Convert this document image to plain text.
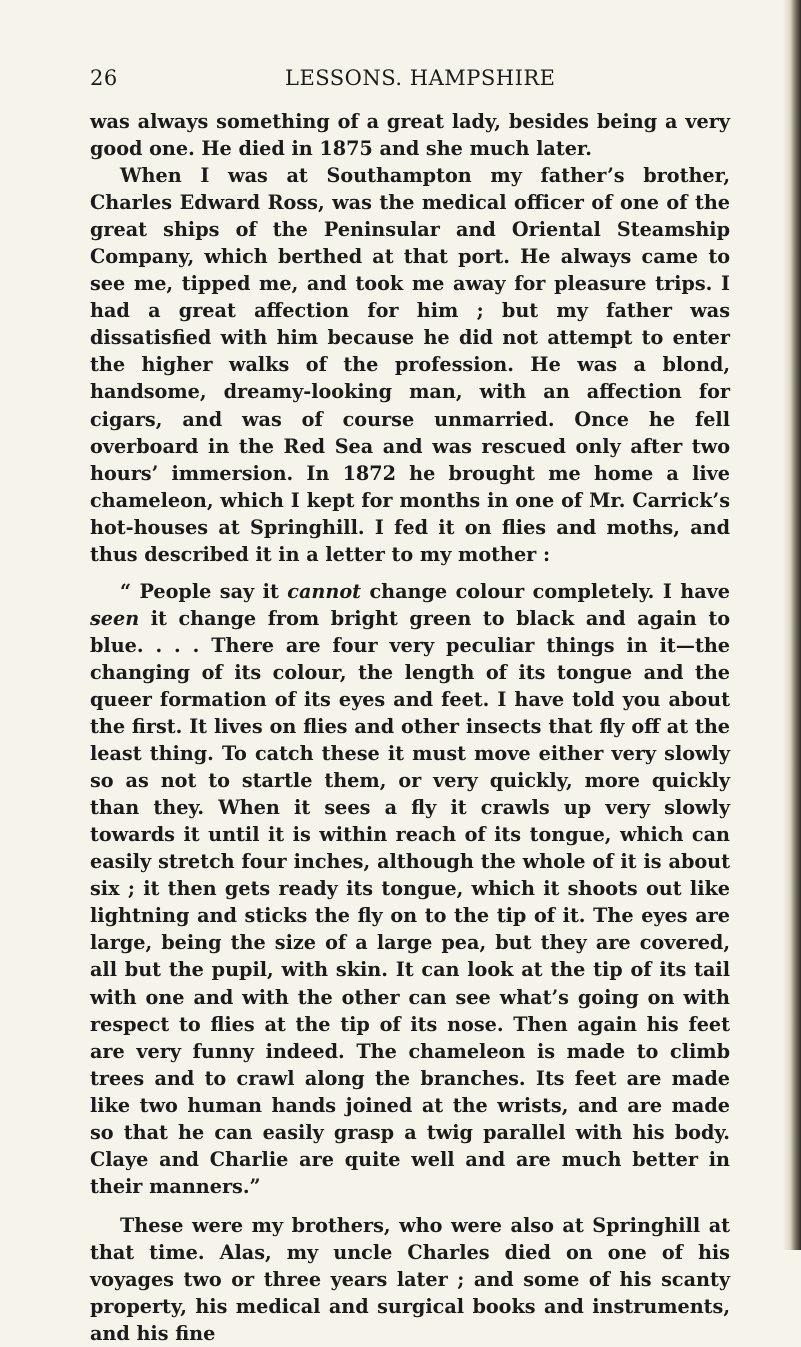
26	LESSONS. HAMPSHIRE

was always something of a great lady, besides being a very good one. He died in 1875 and she much later.

When I was at Southampton my father’s brother, Charles Edward Ross, was the medical officer of one of the great ships of the Peninsular and Oriental Steamship Company, which berthed at that port. He always came to see me, tipped me, and took me away for pleasure trips. I had a great affection for him ; but my father was dissatisfied with him because he did not attempt to enter the higher walks of the profession. He was a blond, handsome, dreamy-looking man, with an affection for cigars, and was of course unmarried. Once he fell overboard in the Red Sea and was rescued only after two hours’ immersion. In 1872 he brought me home a live chameleon, which I kept for months in one of Mr. Carrick’s hot-houses at Springhill. I fed it on flies and moths, and thus described it in a letter to my mother :

“ People say it cannot change colour completely. I have seen it change from bright green to black and again to blue. . . . There are four very peculiar things in it—the changing of its colour, the length of its tongue and the queer formation of its eyes and feet. I have told you about the first. It lives on flies and other insects that fly off at the least thing. To catch these it must move either very slowly so as not to startle them, or very quickly, more quickly than they. When it sees a fly it crawls up very slowly towards it until it is within reach of its tongue, which can easily stretch four inches, although the whole of it is about six ; it then gets ready its tongue, which it shoots out like lightning and sticks the fly on to the tip of it. The eyes are large, being the size of a large pea, but they are covered, all but the pupil, with skin. It can look at the tip of its tail with one and with the other can see what’s going on with respect to flies at the tip of its nose. Then again his feet are very funny indeed. The chameleon is made to climb trees and to crawl along the branches. Its feet are made like two human hands joined at the wrists, and are made so that he can easily grasp a twig parallel with his body. Claye and Charlie are quite well and are much better in their manners.”

These were my brothers, who were also at Springhill at that time. Alas, my uncle Charles died on one of his voyages two or three years later ; and some of his scanty property, his medical and surgical books and instruments, and his fine
